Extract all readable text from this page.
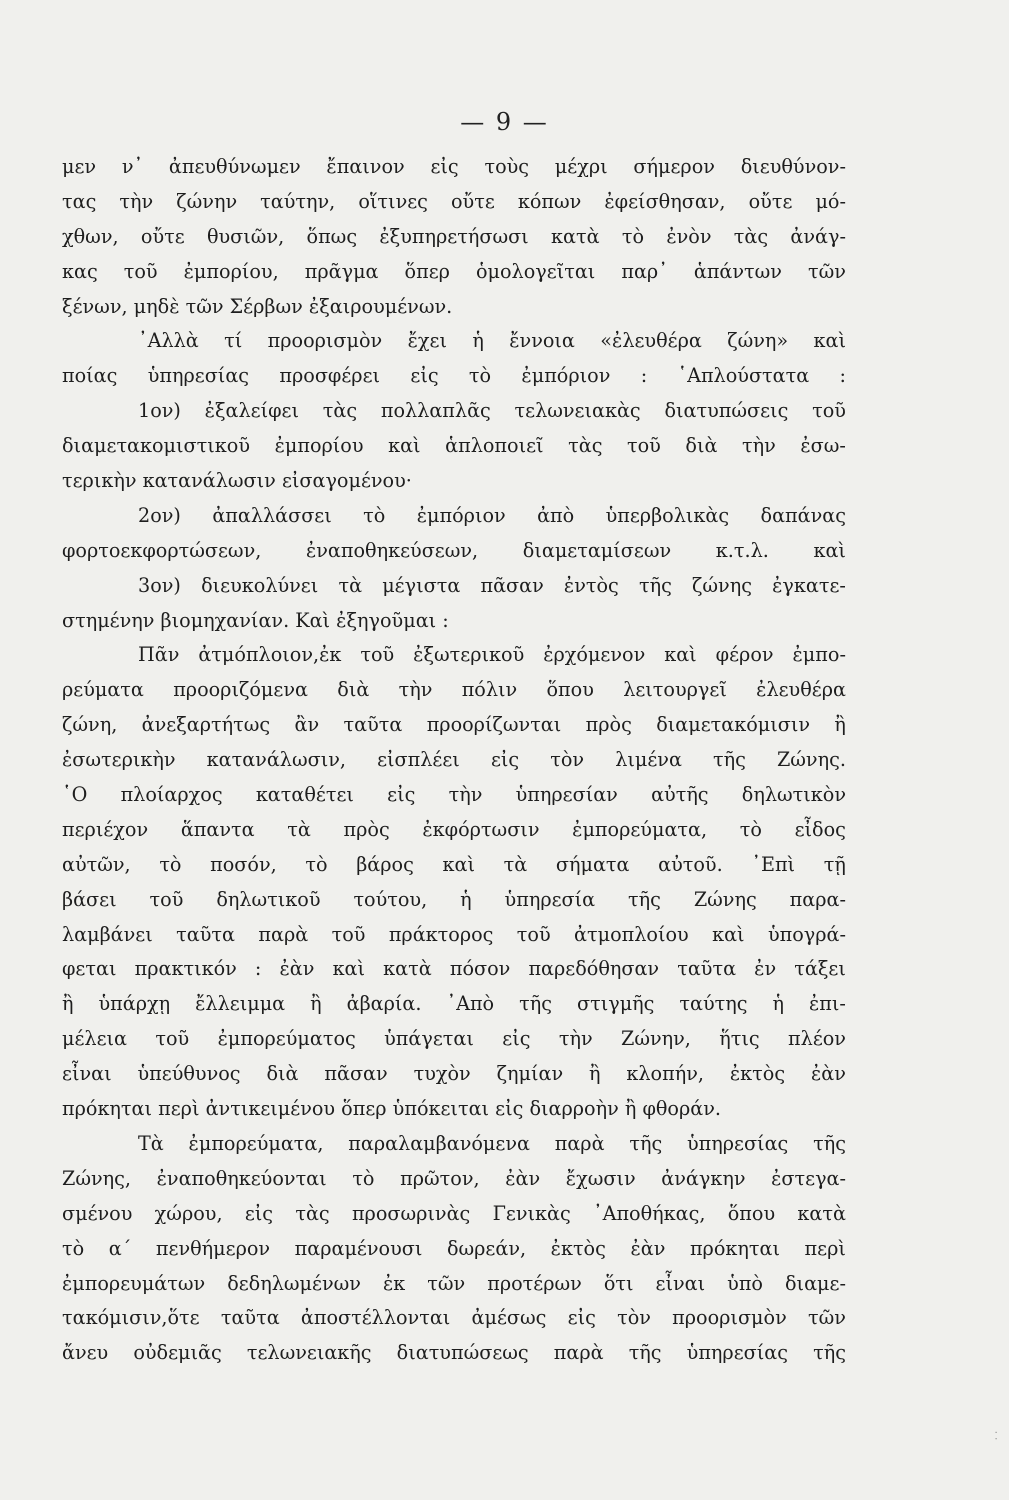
— 9 —
μεν ν᾽ ἀπευθύνωμεν ἔπαινον εἰς τοὺς μέχρι σήμερον διευθύνον-
τας τὴν ζώνην ταύτην, οἵτινες οὔτε κόπων ἐφείσθησαν, οὔτε μό-
χθων, οὔτε θυσιῶν, ὅπως ἐξυπηρετήσωσι κατὰ τὸ ἐνὸν τὰς ἀνάγ-
κας τοῦ ἐμπορίου, πρᾶγμα ὅπερ ὁμολογεῖται παρ᾽ ἁπάντων τῶν
ξένων, μηδὲ τῶν Σέρβων ἐξαιρουμένων.
᾽Αλλὰ τί προορισμὸν ἔχει ἡ ἔννοια «ἐλευθέρα ζώνη» καὶ
ποίας ὑπηρεσίας προσφέρει εἰς τὸ ἐμπόριον : ῾Απλούστατα :
1ον) ἐξαλείφει τὰς πολλαπλᾶς τελωνειακὰς διατυπώσεις τοῦ
διαμετακομιστικοῦ ἐμπορίου καὶ ἁπλοποιεῖ τὰς τοῦ διὰ τὴν ἐσω-
τερικὴν κατανάλωσιν εἰσαγομένου·
2ον) ἀπαλλάσσει τὸ ἐμπόριον ἀπὸ ὑπερβολικὰς δαπάνας
φορτοεκφορτώσεων, ἐναποθηκεύσεων, διαμεταμίσεων κ.τ.λ. καὶ
3ον) διευκολύνει τὰ μέγιστα πᾶσαν ἐντὸς τῆς ζώνης ἐγκατε-
στημένην βιομηχανίαν. Καὶ ἐξηγοῦμαι :
Πᾶν ἀτμόπλοιον,ἐκ τοῦ ἐξωτερικοῦ ἐρχόμενον καὶ φέρον ἐμπο-
ρεύματα προοριζόμενα διὰ τὴν πόλιν ὅπου λειτουργεῖ ἐλευθέρα
ζώνη, ἀνεξαρτήτως ἂν ταῦτα προορίζωνται πρὸς διαμετακόμισιν ἢ
ἐσωτερικὴν κατανάλωσιν, εἰσπλέει εἰς τὸν λιμένα τῆς Ζώνης.
῾Ο πλοίαρχος καταθέτει εἰς τὴν ὑπηρεσίαν αὐτῆς δηλωτικὸν
περιέχον ἅπαντα τὰ πρὸς ἐκφόρτωσιν ἐμπορεύματα, τὸ εἶδος
αὐτῶν, τὸ ποσόν, τὸ βάρος καὶ τὰ σήματα αὐτοῦ. ᾽Επὶ τῇ
βάσει τοῦ δηλωτικοῦ τούτου, ἡ ὑπηρεσία τῆς Ζώνης παρα-
λαμβάνει ταῦτα παρὰ τοῦ πράκτορος τοῦ ἀτμοπλοίου καὶ ὑπογρά-
φεται πρακτικόν : ἐὰν καὶ κατὰ πόσον παρεδόθησαν ταῦτα ἐν τάξει
ἢ ὑπάρχῃ ἔλλειμμα ἢ ἀβαρία. ᾽Απὸ τῆς στιγμῆς ταύτης ἡ ἐπι-
μέλεια τοῦ ἐμπορεύματος ὑπάγεται εἰς τὴν Ζώνην, ἥτις πλέον
εἶναι ὑπεύθυνος διὰ πᾶσαν τυχὸν ζημίαν ἢ κλοπήν, ἐκτὸς ἐὰν
πρόκηται περὶ ἀντικειμένου ὅπερ ὑπόκειται εἰς διαρροὴν ἢ φθοράν.
Τὰ ἐμπορεύματα, παραλαμβανόμενα παρὰ τῆς ὑπηρεσίας τῆς
Ζώνης, ἐναποθηκεύονται τὸ πρῶτον, ἐὰν ἔχωσιν ἀνάγκην ἐστεγα-
σμένου χώρου, εἰς τὰς προσωρινὰς Γενικὰς ᾽Αποθήκας, ὅπου κατὰ
τὸ α΄ πενθήμερον παραμένουσι δωρεάν, ἐκτὸς ἐὰν πρόκηται περὶ
ἐμπορευμάτων δεδηλωμένων ἐκ τῶν προτέρων ὅτι εἶναι ὑπὸ διαμε-
τακόμισιν,ὅτε ταῦτα ἀποστέλλονται ἀμέσως εἰς τὸν προορισμὸν τῶν
ἄνευ οὐδεμιᾶς τελωνειακῆς διατυπώσεως παρὰ τῆς ὑπηρεσίας τῆς
· ·
